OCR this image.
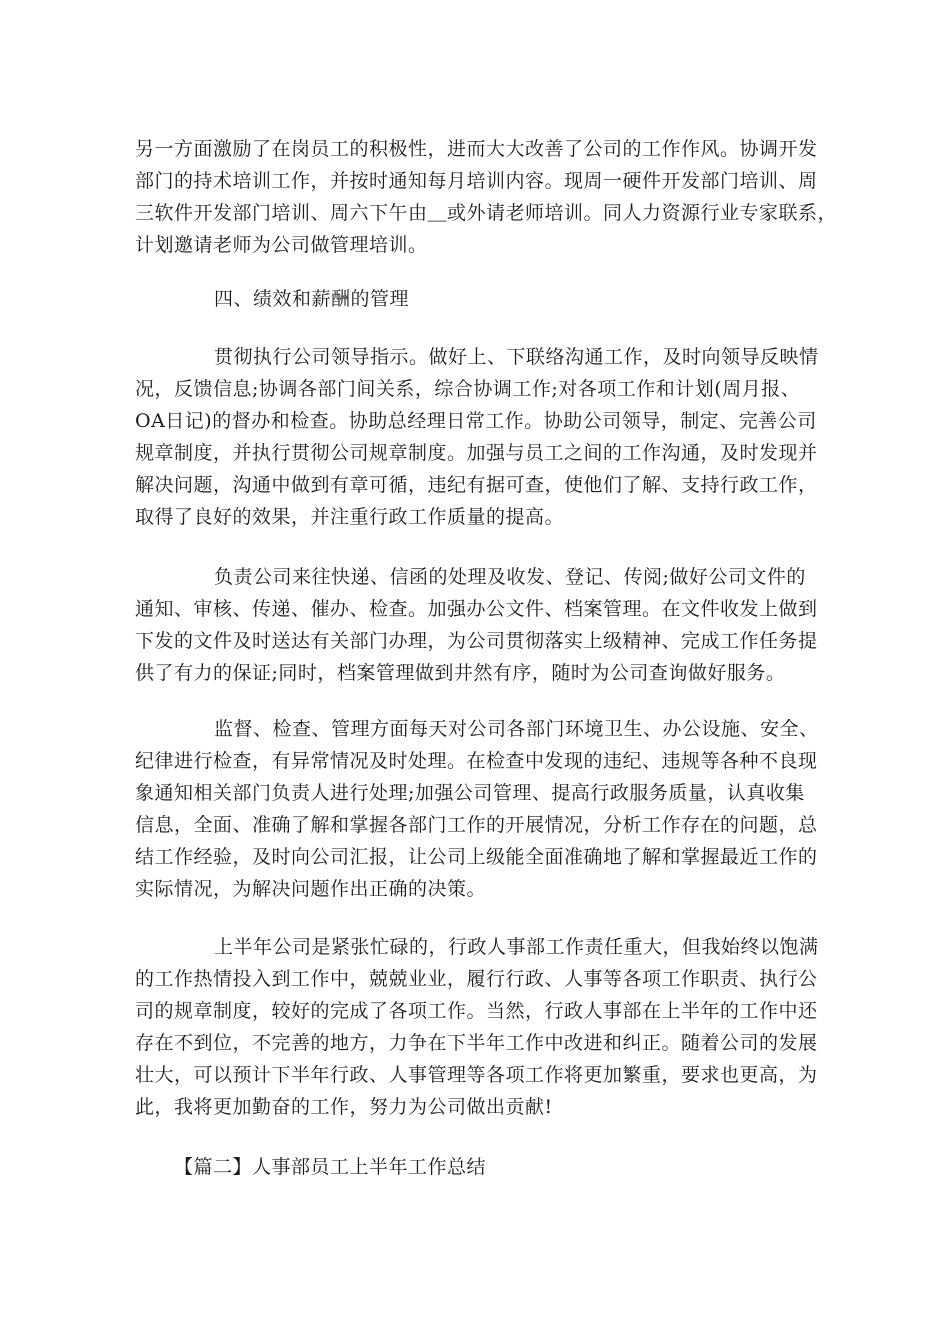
另一方面激励了在岗员工的积极性，进而大大改善了公司的工作作风。协调开发
部门的持术培训工作，并按时通知每月培训内容。现周一硬件开发部门培训、周
三软件开发部门培训、周六下午由＿或外请老师培训。同人力资源行业专家联系，
计划邀请老师为公司做管理培训。
四、绩效和薪酬的管理
贯彻执行公司领导指示。做好上、下联络沟通工作，及时向领导反映情
况，反馈信息;协调各部门间关系，综合协调工作;对各项工作和计划(周月报、
OA日记)的督办和检查。协助总经理日常工作。协助公司领导，制定、完善公司
规章制度，并执行贯彻公司规章制度。加强与员工之间的工作沟通，及时发现并
解决问题，沟通中做到有章可循，违纪有据可查，使他们了解、支持行政工作，
取得了良好的效果，并注重行政工作质量的提高。
负责公司来往快递、信函的处理及收发、登记、传阅;做好公司文件的
通知、审核、传递、催办、检查。加强办公文件、档案管理。在文件收发上做到
下发的文件及时送达有关部门办理，为公司贯彻落实上级精神、完成工作任务提
供了有力的保证;同时，档案管理做到井然有序，随时为公司查询做好服务。
监督、检查、管理方面每天对公司各部门环境卫生、办公设施、安全、
纪律进行检查，有异常情况及时处理。在检查中发现的违纪、违规等各种不良现
象通知相关部门负责人进行处理;加强公司管理、提高行政服务质量，认真收集
信息，全面、准确了解和掌握各部门工作的开展情况，分析工作存在的问题，总
结工作经验，及时向公司汇报，让公司上级能全面准确地了解和掌握最近工作的
实际情况，为解决问题作出正确的决策。
上半年公司是紧张忙碌的，行政人事部工作责任重大，但我始终以饱满
的工作热情投入到工作中，兢兢业业，履行行政、人事等各项工作职责、执行公
司的规章制度，较好的完成了各项工作。当然，行政人事部在上半年的工作中还
存在不到位，不完善的地方，力争在下半年工作中改进和纠正。随着公司的发展
壮大，可以预计下半年行政、人事管理等各项工作将更加繁重，要求也更高，为
此，我将更加勤奋的工作，努力为公司做出贡献!
【篇二】人事部员工上半年工作总结
